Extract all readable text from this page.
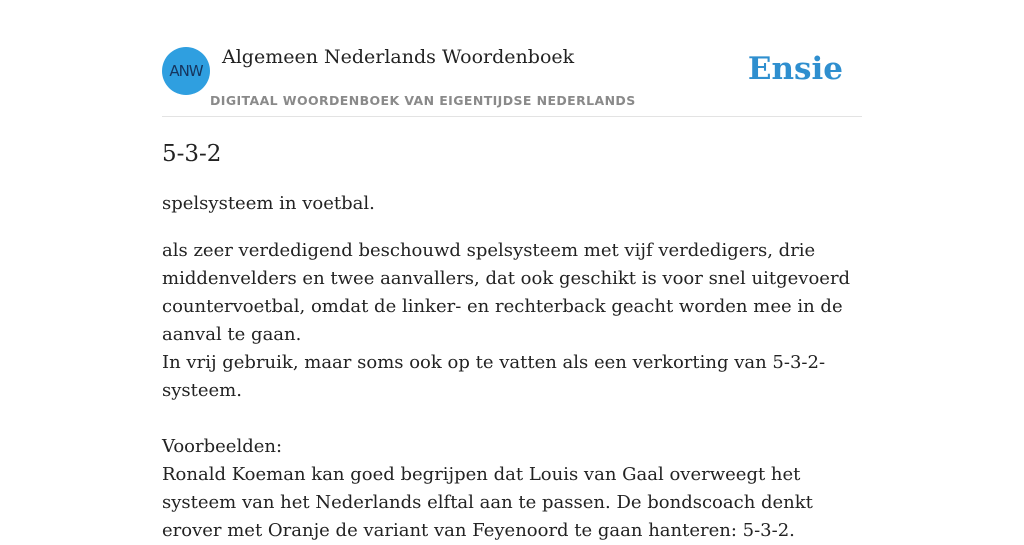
ANW
Algemeen Nederlands Woordenboek
DIGITAAL WOORDENBOEK VAN EIGENTIJDSE NEDERLANDS
Ensie
5-3-2

spelsysteem in voetbal.

als zeer verdedigend beschouwd spelsysteem met vijf verdedigers, drie middenvelders en twee aanvallers, dat ook geschikt is voor snel uitgevoerd countervoetbal, omdat de linker- en rechterback geacht worden mee in de aanval te gaan.
In vrij gebruik, maar soms ook op te vatten als een verkorting van 5-3-2-systeem.
Voorbeelden:
Ronald Koeman kan goed begrijpen dat Louis van Gaal overweegt het systeem van het Nederlands elftal aan te passen. De bondscoach denkt erover met Oranje de variant van Feyenoord te gaan hanteren: 5-3-2.
